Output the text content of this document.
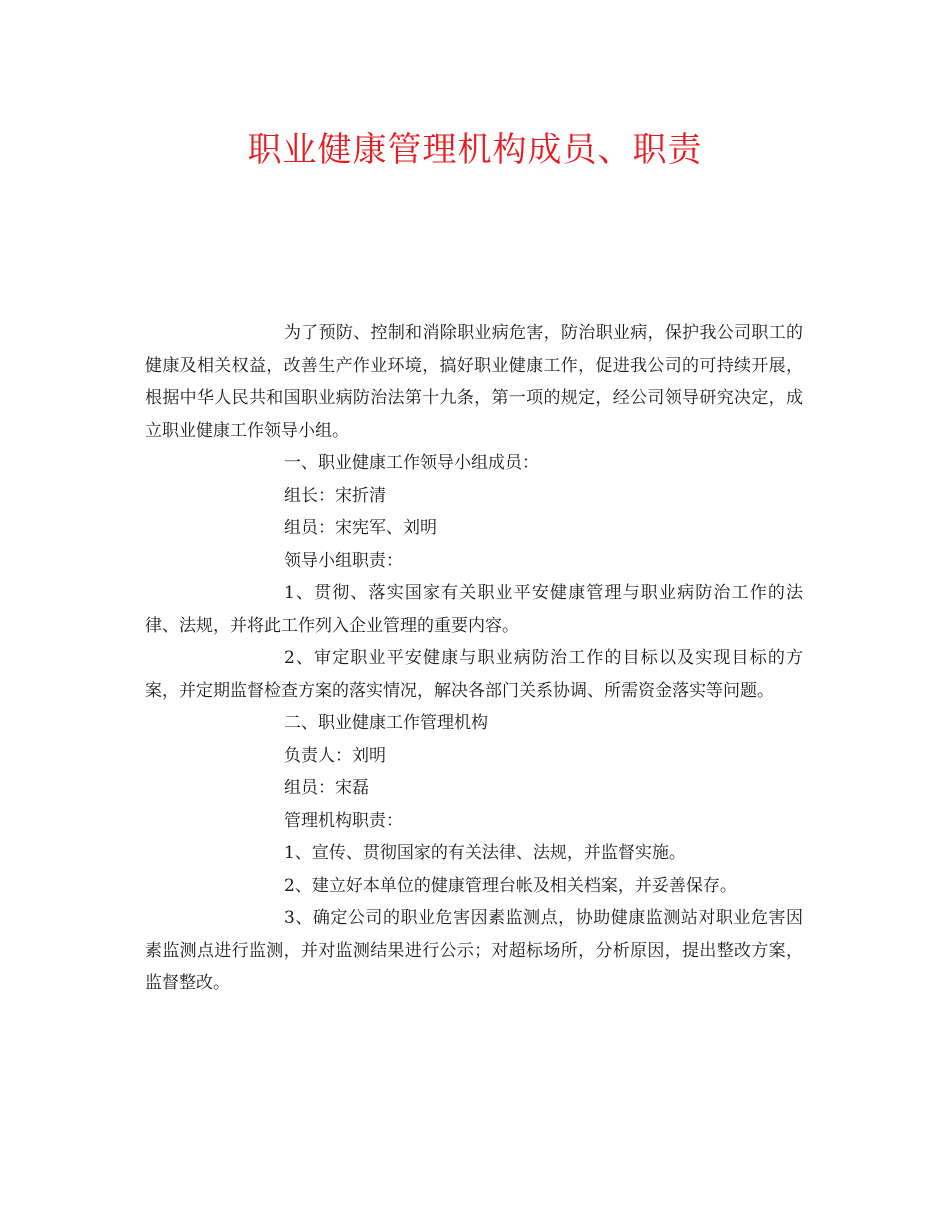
职业健康管理机构成员、职责

为了预防、控制和消除职业病危害，防治职业病，保护我公司职工的健康及相关权益，改善生产作业环境，搞好职业健康工作，促进我公司的可持续开展，根据中华人民共和国职业病防治法第十九条，第一项的规定，经公司领导研究决定，成立职业健康工作领导小组。

一、职业健康工作领导小组成员：

组长：宋折清

组员：宋宪军、刘明

领导小组职责：

1、贯彻、落实国家有关职业平安健康管理与职业病防治工作的法律、法规，并将此工作列入企业管理的重要内容。

2、审定职业平安健康与职业病防治工作的目标以及实现目标的方案，并定期监督检查方案的落实情况，解决各部门关系协调、所需资金落实等问题。

二、职业健康工作管理机构

负责人：刘明

组员：宋磊

管理机构职责：

1、宣传、贯彻国家的有关法律、法规，并监督实施。

2、建立好本单位的健康管理台帐及相关档案，并妥善保存。

3、确定公司的职业危害因素监测点，协助健康监测站对职业危害因素监测点进行监测，并对监测结果进行公示；对超标场所，分析原因，提出整改方案，监督整改。
